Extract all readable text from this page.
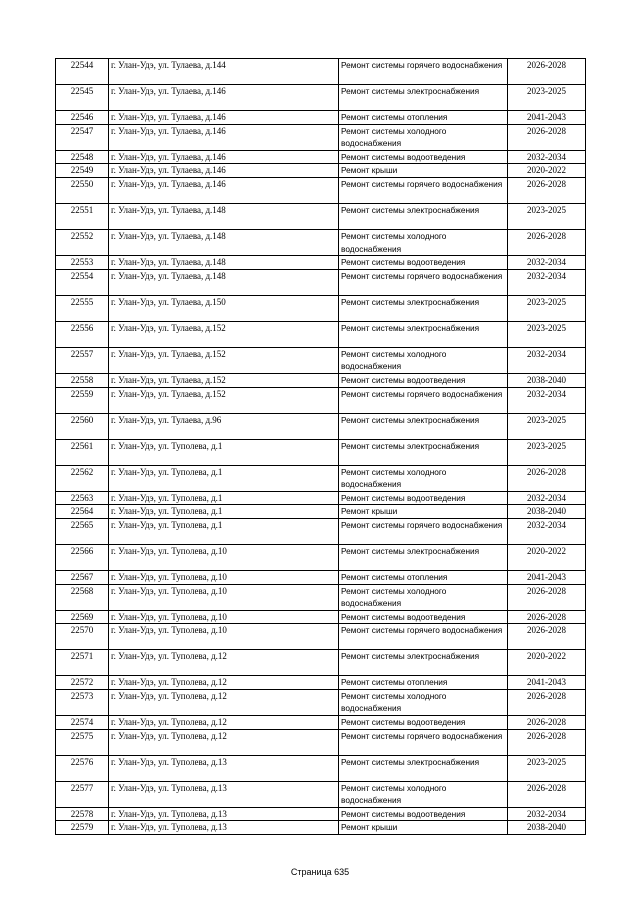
22544	г. Улан-Удэ, ул. Тулаева, д.144	Ремонт системы горячего водоснабжения	2026-2028
22545	г. Улан-Удэ, ул. Тулаева, д.146	Ремонт системы электроснабжения	2023-2025
22546	г. Улан-Удэ, ул. Тулаева, д.146	Ремонт системы отопления	2041-2043
22547	г. Улан-Удэ, ул. Тулаева, д.146	Ремонт системы холодного водоснабжения	2026-2028
22548	г. Улан-Удэ, ул. Тулаева, д.146	Ремонт системы водоотведения	2032-2034
22549	г. Улан-Удэ, ул. Тулаева, д.146	Ремонт крыши	2020-2022
22550	г. Улан-Удэ, ул. Тулаева, д.146	Ремонт системы горячего водоснабжения	2026-2028
22551	г. Улан-Удэ, ул. Тулаева, д.148	Ремонт системы электроснабжения	2023-2025
22552	г. Улан-Удэ, ул. Тулаева, д.148	Ремонт системы холодного водоснабжения	2026-2028
22553	г. Улан-Удэ, ул. Тулаева, д.148	Ремонт системы водоотведения	2032-2034
22554	г. Улан-Удэ, ул. Тулаева, д.148	Ремонт системы горячего водоснабжения	2032-2034
22555	г. Улан-Удэ, ул. Тулаева, д.150	Ремонт системы электроснабжения	2023-2025
22556	г. Улан-Удэ, ул. Тулаева, д.152	Ремонт системы электроснабжения	2023-2025
22557	г. Улан-Удэ, ул. Тулаева, д.152	Ремонт системы холодного водоснабжения	2032-2034
22558	г. Улан-Удэ, ул. Тулаева, д.152	Ремонт системы водоотведения	2038-2040
22559	г. Улан-Удэ, ул. Тулаева, д.152	Ремонт системы горячего водоснабжения	2032-2034
22560	г. Улан-Удэ, ул. Тулаева, д.96	Ремонт системы электроснабжения	2023-2025
22561	г. Улан-Удэ, ул. Туполева, д.1	Ремонт системы электроснабжения	2023-2025
22562	г. Улан-Удэ, ул. Туполева, д.1	Ремонт системы холодного водоснабжения	2026-2028
22563	г. Улан-Удэ, ул. Туполева, д.1	Ремонт системы водоотведения	2032-2034
22564	г. Улан-Удэ, ул. Туполева, д.1	Ремонт крыши	2038-2040
22565	г. Улан-Удэ, ул. Туполева, д.1	Ремонт системы горячего водоснабжения	2032-2034
22566	г. Улан-Удэ, ул. Туполева, д.10	Ремонт системы электроснабжения	2020-2022
22567	г. Улан-Удэ, ул. Туполева, д.10	Ремонт системы отопления	2041-2043
22568	г. Улан-Удэ, ул. Туполева, д.10	Ремонт системы холодного водоснабжения	2026-2028
22569	г. Улан-Удэ, ул. Туполева, д.10	Ремонт системы водоотведения	2026-2028
22570	г. Улан-Удэ, ул. Туполева, д.10	Ремонт системы горячего водоснабжения	2026-2028
22571	г. Улан-Удэ, ул. Туполева, д.12	Ремонт системы электроснабжения	2020-2022
22572	г. Улан-Удэ, ул. Туполева, д.12	Ремонт системы отопления	2041-2043
22573	г. Улан-Удэ, ул. Туполева, д.12	Ремонт системы холодного водоснабжения	2026-2028
22574	г. Улан-Удэ, ул. Туполева, д.12	Ремонт системы водоотведения	2026-2028
22575	г. Улан-Удэ, ул. Туполева, д.12	Ремонт системы горячего водоснабжения	2026-2028
22576	г. Улан-Удэ, ул. Туполева, д.13	Ремонт системы электроснабжения	2023-2025
22577	г. Улан-Удэ, ул. Туполева, д.13	Ремонт системы холодного водоснабжения	2026-2028
22578	г. Улан-Удэ, ул. Туполева, д.13	Ремонт системы водоотведения	2032-2034
22579	г. Улан-Удэ, ул. Туполева, д.13	Ремонт крыши	2038-2040
Страница 635
